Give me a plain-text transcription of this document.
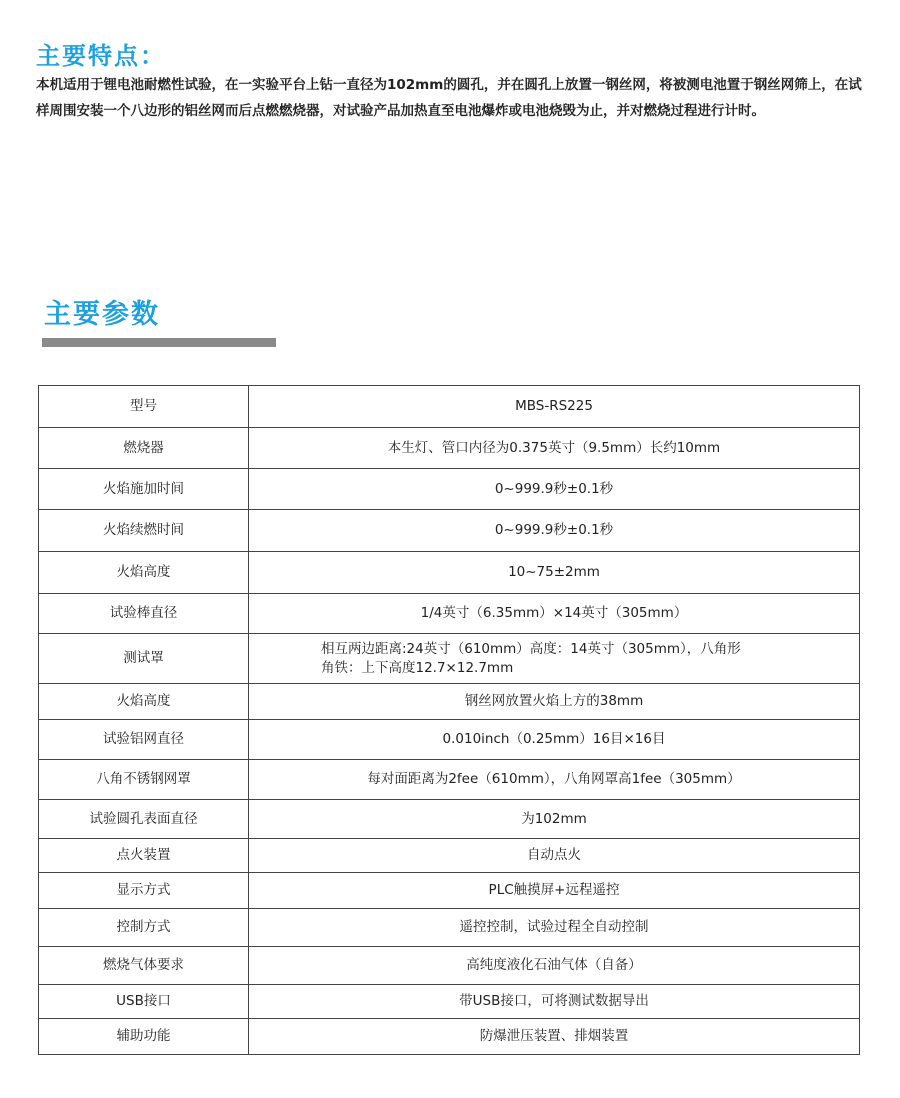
主要特点：
本机适用于锂电池耐燃性试验，在一实验平台上钻一直径为102mm的圆孔，并在圆孔上放置一钢丝网，将被测电池置于钢丝网筛上，在试样周围安装一个八边形的铝丝网而后点燃燃烧器，对试验产品加热直至电池爆炸或电池烧毁为止，并对燃烧过程进行计时。
主要参数
型号	MBS-RS225
燃烧器	本生灯、管口内径为0.375英寸（9.5mm）长约10mm
火焰施加时间	0~999.9秒±0.1秒
火焰续燃时间	0~999.9秒±0.1秒
火焰高度	10~75±2mm
试验棒直径	1/4英寸（6.35mm）×14英寸（305mm）
测试罩	相互两边距离:24英寸（610mm）高度：14英寸（305mm），八角形
角铁：上下高度12.7×12.7mm

火焰高度	钢丝网放置火焰上方的38mm
试验铝网直径	0.010inch（0.25mm）16目×16目
八角不锈钢网罩	每对面距离为2fee（610mm），八角网罩高1fee（305mm）
试验圆孔表面直径	为102mm
点火装置	自动点火
显示方式	PLC触摸屏+远程遥控
控制方式	遥控控制，试验过程全自动控制
燃烧气体要求	高纯度液化石油气体（自备）
USB接口	带USB接口，可将测试数据导出
辅助功能	防爆泄压装置、排烟装置
